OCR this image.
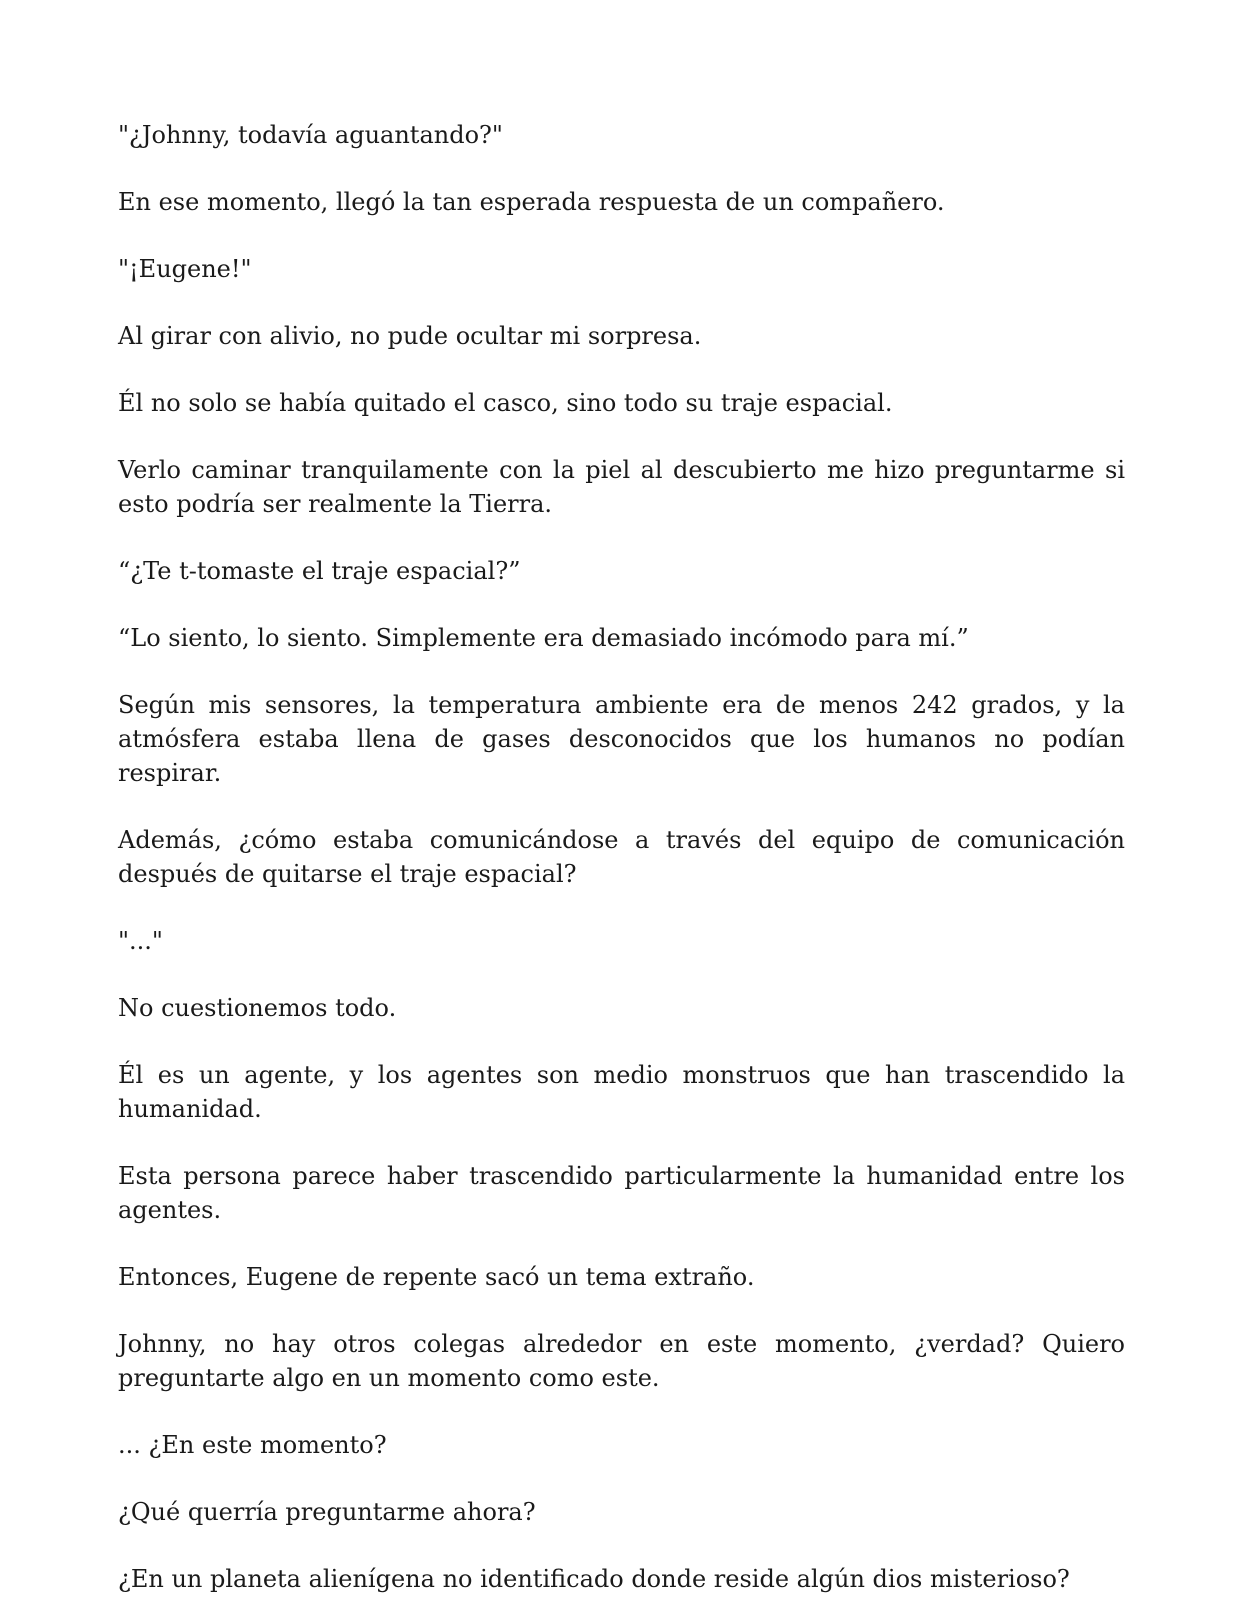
"¿Johnny, todavía aguantando?"

En ese momento, llegó la tan esperada respuesta de un compañero.

"¡Eugene!"

Al girar con alivio, no pude ocultar mi sorpresa.

Él no solo se había quitado el casco, sino todo su traje espacial.

Verlo caminar tranquilamente con la piel al descubierto me hizo preguntarme si esto podría ser realmente la Tierra.

“¿Te t-tomaste el traje espacial?”

“Lo siento, lo siento. Simplemente era demasiado incómodo para mí.”

Según mis sensores, la temperatura ambiente era de menos 242 grados, y la atmósfera estaba llena de gases desconocidos que los humanos no podían respirar.

Además, ¿cómo estaba comunicándose a través del equipo de comunicación después de quitarse el traje espacial?

"..."

No cuestionemos todo.

Él es un agente, y los agentes son medio monstruos que han trascendido la humanidad.

Esta persona parece haber trascendido particularmente la humanidad entre los agentes.

Entonces, Eugene de repente sacó un tema extraño.

Johnny, no hay otros colegas alrededor en este momento, ¿verdad? Quiero preguntarte algo en un momento como este.

... ¿En este momento?

¿Qué querría preguntarme ahora?

¿En un planeta alienígena no identificado donde reside algún dios misterioso?
